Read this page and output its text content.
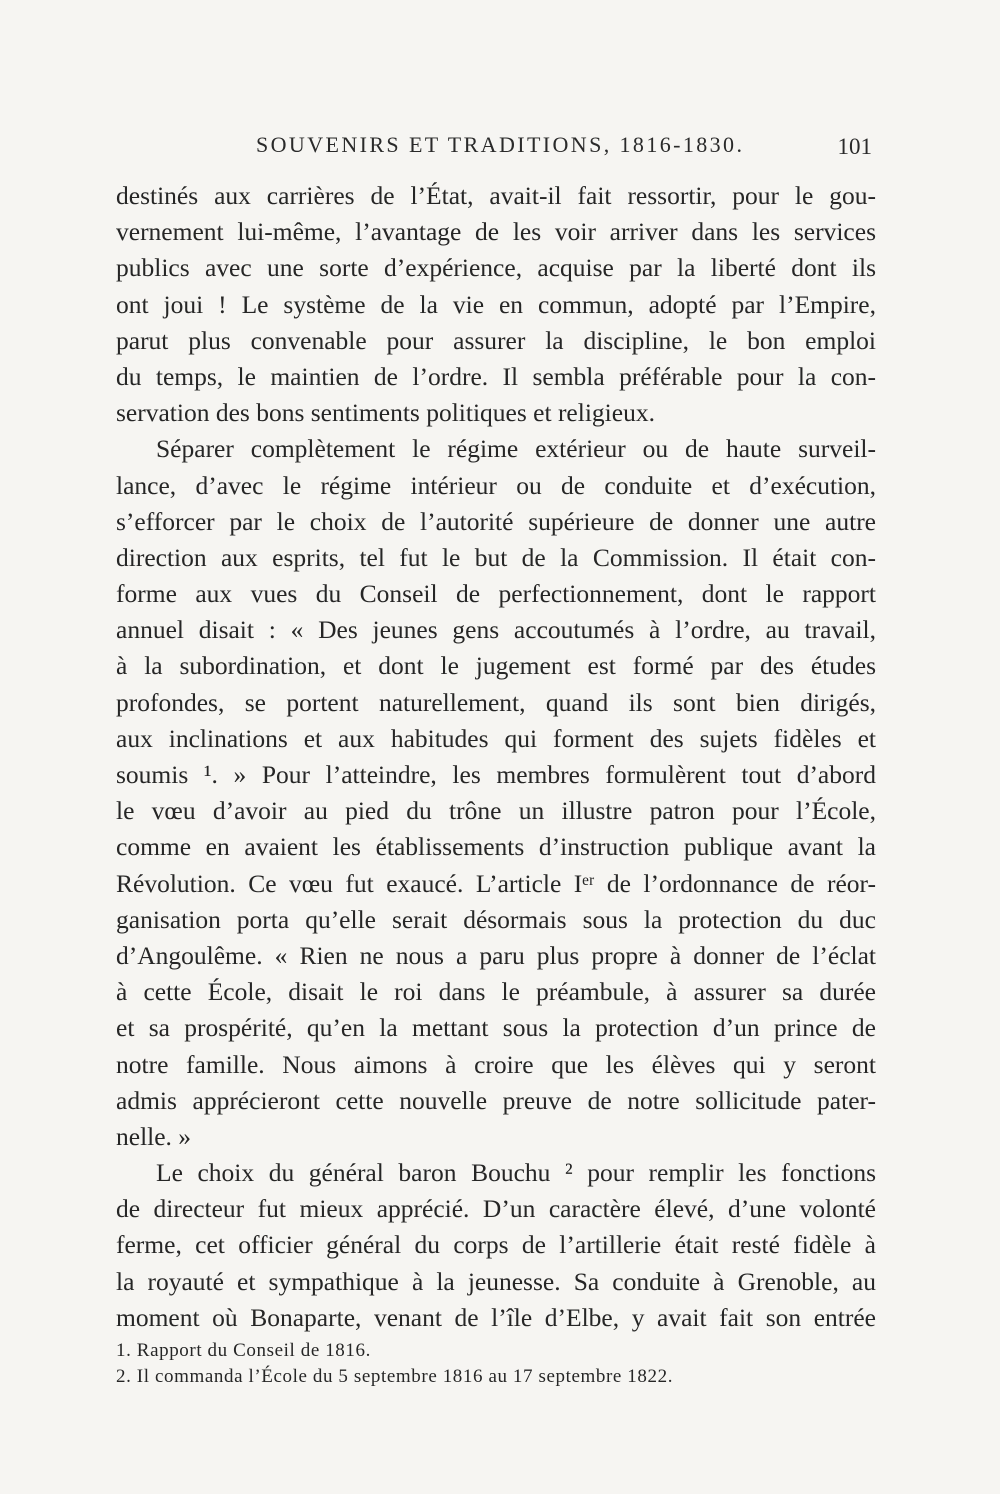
SOUVENIRS ET TRADITIONS, 1816-1830.	101
destinés aux carrières de l’État, avait-il fait ressortir, pour le gou-
vernement lui-même, l’avantage de les voir arriver dans les services
publics avec une sorte d’expérience, acquise par la liberté dont ils
ont joui ! Le système de la vie en commun, adopté par l’Empire,
parut plus convenable pour assurer la discipline, le bon emploi
du temps, le maintien de l’ordre. Il sembla préférable pour la con-
servation des bons sentiments politiques et religieux.
Séparer complètement le régime extérieur ou de haute surveil-
lance, d’avec le régime intérieur ou de conduite et d’exécution,
s’efforcer par le choix de l’autorité supérieure de donner une autre
direction aux esprits, tel fut le but de la Commission. Il était con-
forme aux vues du Conseil de perfectionnement, dont le rapport
annuel disait : « Des jeunes gens accoutumés à l’ordre, au travail,
à la subordination, et dont le jugement est formé par des études
profondes, se portent naturellement, quand ils sont bien dirigés,
aux inclinations et aux habitudes qui forment des sujets fidèles et
soumis ¹. » Pour l’atteindre, les membres formulèrent tout d’abord
le vœu d’avoir au pied du trône un illustre patron pour l’École,
comme en avaient les établissements d’instruction publique avant la
Révolution. Ce vœu fut exaucé. L’article Iᵉʳ de l’ordonnance de réor-
ganisation porta qu’elle serait désormais sous la protection du duc
d’Angoulême. « Rien ne nous a paru plus propre à donner de l’éclat
à cette École, disait le roi dans le préambule, à assurer sa durée
et sa prospérité, qu’en la mettant sous la protection d’un prince de
notre famille. Nous aimons à croire que les élèves qui y seront
admis apprécieront cette nouvelle preuve de notre sollicitude pater-
nelle. »
Le choix du général baron Bouchu ² pour remplir les fonctions
de directeur fut mieux apprécié. D’un caractère élevé, d’une volonté
ferme, cet officier général du corps de l’artillerie était resté fidèle à
la royauté et sympathique à la jeunesse. Sa conduite à Grenoble, au
moment où Bonaparte, venant de l’île d’Elbe, y avait fait son entrée
1. Rapport du Conseil de 1816.
2. Il commanda l’École du 5 septembre 1816 au 17 septembre 1822.
